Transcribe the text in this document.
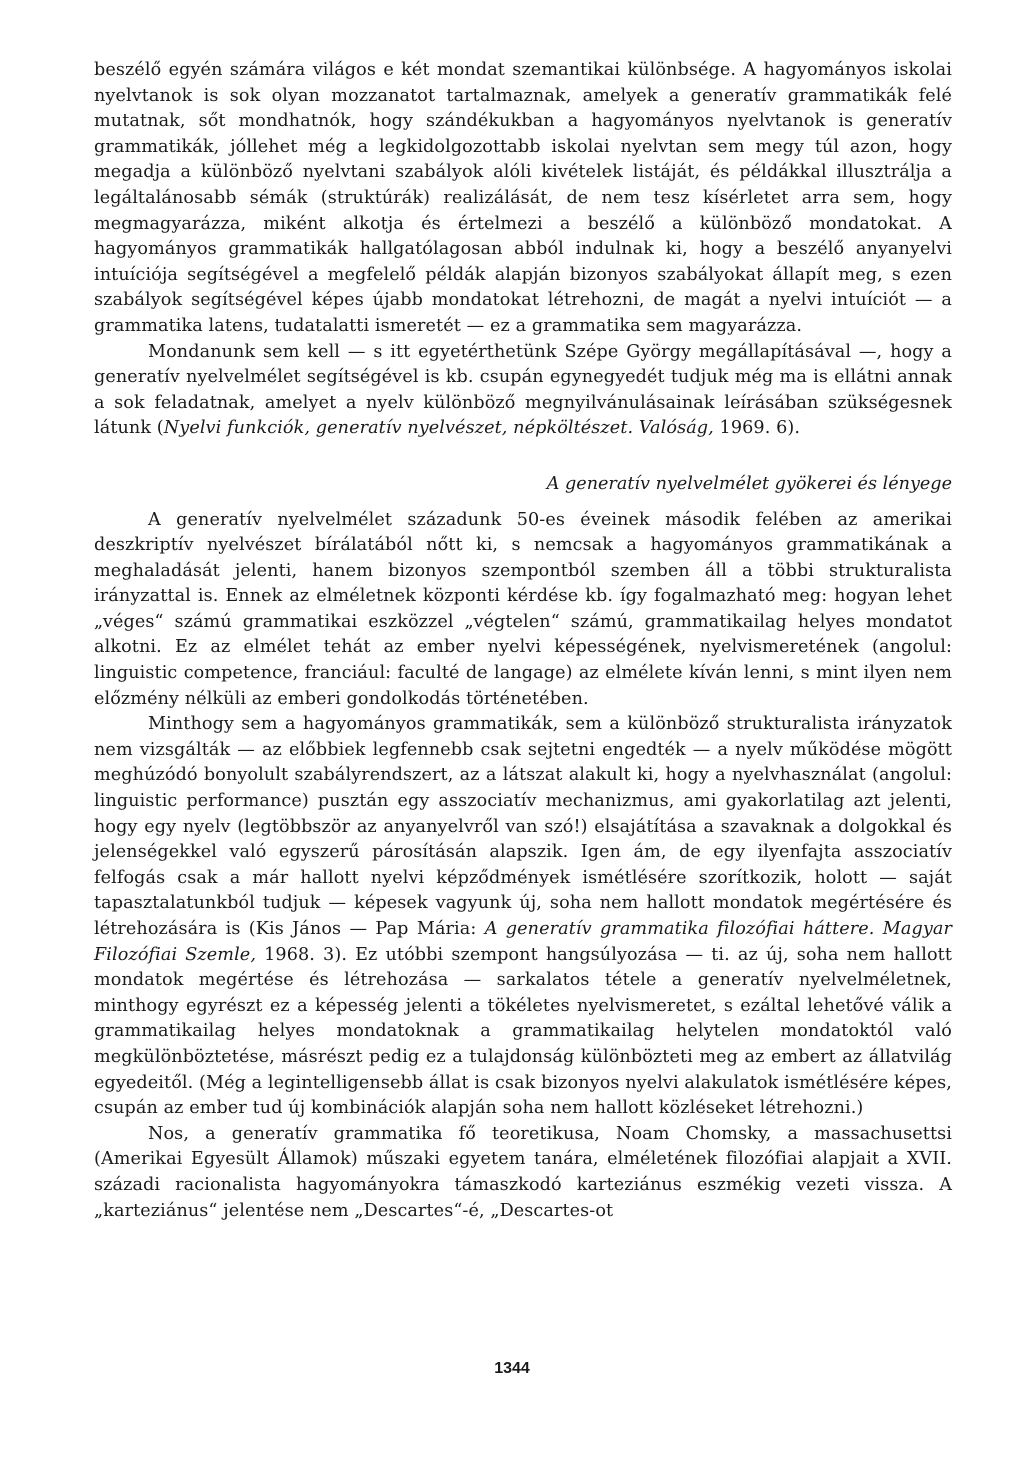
beszélő egyén számára világos e két mondat szemantikai különbsége. A hagyományos iskolai nyelvtanok is sok olyan mozzanatot tartalmaznak, amelyek a generatív grammatikák felé mutatnak, sőt mondhatnók, hogy szándékukban a hagyományos nyelvtanok is generatív grammatikák, jóllehet még a legkidolgozottabb iskolai nyelvtan sem megy túl azon, hogy megadja a különböző nyelvtani szabályok alóli kivételek listáját, és példákkal illusztrálja a legáltalánosabb sémák (struktúrák) realizálását, de nem tesz kísérletet arra sem, hogy megmagyarázza, miként alkotja és értelmezi a beszélő a különböző mondatokat. A hagyományos grammatikák hallgatólagosan abból indulnak ki, hogy a beszélő anyanyelvi intuíciója segítségével a megfelelő példák alapján bizonyos szabályokat állapít meg, s ezen szabályok segítségével képes újabb mondatokat létrehozni, de magát a nyelvi intuíciót — a grammatika latens, tudatalatti ismeretét — ez a grammatika sem magyarázza.

Mondanunk sem kell — s itt egyetérthetünk Szépe György megállapításával —, hogy a generatív nyelvelmélet segítségével is kb. csupán egynegyedét tudjuk még ma is ellátni annak a sok feladatnak, amelyet a nyelv különböző megnyilvánulásainak leírásában szükségesnek látunk (Nyelvi funkciók, generatív nyelvészet, népköltészet. Valóság, 1969. 6).

A generatív nyelvelmélet gyökerei és lényege

A generatív nyelvelmélet századunk 50-es éveinek második felében az amerikai deszkriptív nyelvészet bírálatából nőtt ki, s nemcsak a hagyományos grammatikának a meghaladását jelenti, hanem bizonyos szempontból szemben áll a többi strukturalista irányzattal is. Ennek az elméletnek központi kérdése kb. így fogalmazható meg: hogyan lehet „véges“ számú grammatikai eszközzel „végtelen“ számú, grammatikailag helyes mondatot alkotni. Ez az elmélet tehát az ember nyelvi képességének, nyelvismeretének (angolul: linguistic competence, franciául: faculté de langage) az elmélete kíván lenni, s mint ilyen nem előzmény nélküli az emberi gondolkodás történetében.

Minthogy sem a hagyományos grammatikák, sem a különböző strukturalista irányzatok nem vizsgálták — az előbbiek legfennebb csak sejtetni engedték — a nyelv működése mögött meghúzódó bonyolult szabályrendszert, az a látszat alakult ki, hogy a nyelvhasználat (angolul: linguistic performance) pusztán egy asszociatív mechanizmus, ami gyakorlatilag azt jelenti, hogy egy nyelv (legtöbbször az anyanyelvről van szó!) elsajátítása a szavaknak a dolgokkal és jelenségekkel való egyszerű párosításán alapszik. Igen ám, de egy ilyenfajta asszociatív felfogás csak a már hallott nyelvi képződmények ismétlésére szorítkozik, holott — saját tapasztalatunkból tudjuk — képesek vagyunk új, soha nem hallott mondatok megértésére és létrehozására is (Kis János — Pap Mária: A generatív grammatika filozófiai háttere. Magyar Filozófiai Szemle, 1968. 3). Ez utóbbi szempont hangsúlyozása — ti. az új, soha nem hallott mondatok megértése és létrehozása — sarkalatos tétele a generatív nyelvelméletnek, minthogy egyrészt ez a képesség jelenti a tökéletes nyelvismeretet, s ezáltal lehetővé válik a grammatikailag helyes mondatoknak a grammatikailag helytelen mondatoktól való megkülönböztetése, másrészt pedig ez a tulajdonság különbözteti meg az embert az állatvilág egyedeitől. (Még a legintelligensebb állat is csak bizonyos nyelvi alakulatok ismétlésére képes, csupán az ember tud új kombinációk alapján soha nem hallott közléseket létrehozni.)

Nos, a generatív grammatika fő teoretikusa, Noam Chomsky, a massachusettsi (Amerikai Egyesült Államok) műszaki egyetem tanára, elméletének filozófiai alapjait a XVII. századi racionalista hagyományokra támaszkodó karteziánus eszmékig vezeti vissza. A „karteziánus“ jelentése nem „Descartes“-é, „Descartes-ot

1344
